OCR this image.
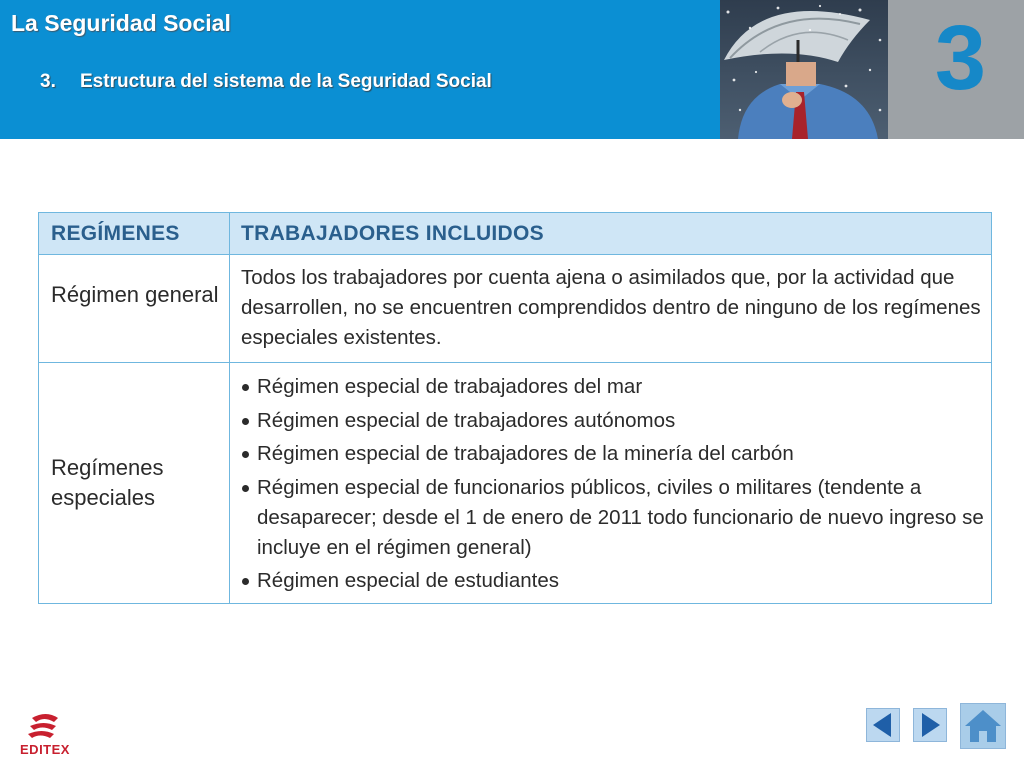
La Seguridad Social
3. Estructura del sistema de la Seguridad Social	3
REGÍMENES	TRABAJADORES INCLUIDOS
Régimen general
Todos los trabajadores por cuenta ajena o asimilados que, por la actividad que desarrollen, no se encuentren comprendidos dentro de ninguno de los regímenes especiales existentes.
Regímenes especiales
Régimen especial de trabajadores del mar
Régimen especial de trabajadores autónomos
Régimen especial de trabajadores de la minería del carbón
Régimen especial de funcionarios públicos, civiles o militares (tendente a desaparecer; desde el 1 de enero de 2011 todo funcionario de nuevo ingreso se incluye en el régimen general)
Régimen especial de estudiantes
EDITEX
